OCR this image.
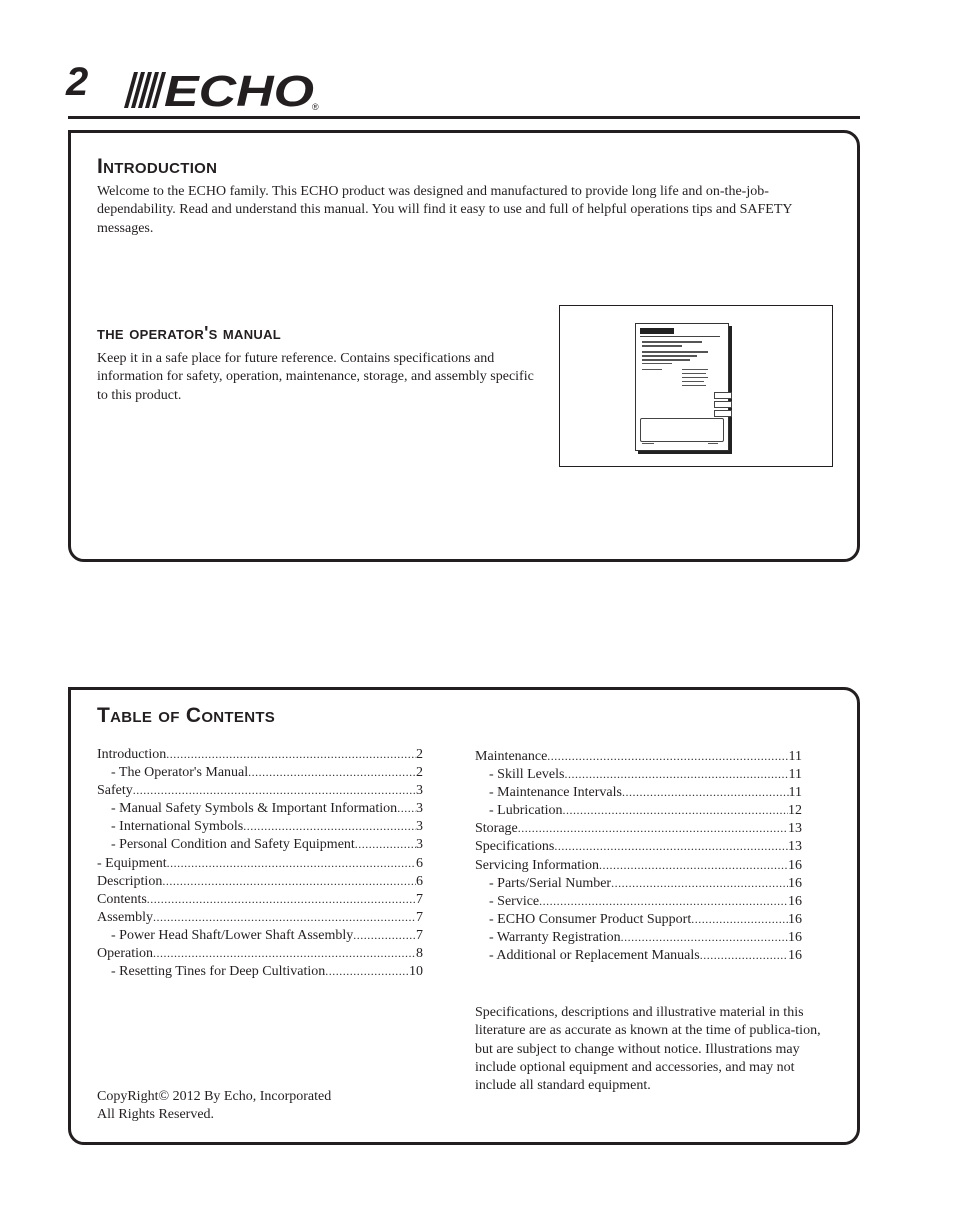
2 ECHO
®
Introduction

Welcome to the ECHO family. This ECHO product was designed and manufactured to provide long life and on-the-job-dependability. Read and understand this manual. You will find it easy to use and full of helpful operations tips and SAFETY messages.

the operator's manual

Keep it in a safe place for future reference. Contains specifications and information for safety, operation, maintenance, storage, and assembly specific to this product.

Table of Contents
Introduction .....	2
- The Operator's Manual .....	2
Safety .....	3
- Manual Safety Symbols & Important Information ..... 3
- International Symbols .....	3
- Personal Condition and Safety Equipment .....	3
- Equipment .....	6
Description .....	6
Contents .....	7
Assembly .....	7
- Power Head Shaft/Lower Shaft Assembly .....	7
Operation .....	8
- Resetting Tines for Deep Cultivation .....	10
Maintenance .....	11
- Skill Levels .....	11
- Maintenance Intervals .....	11
- Lubrication .....	12
Storage .....	13
Specifications .....	13
Servicing Information .....	16
- Parts/Serial Number .....	16
- Service .....	16
- ECHO Consumer Product Support .....	16
- Warranty Registration .....	16
- Additional or Replacement Manuals .....	16

Specifications, descriptions and illustrative material in this literature are as accurate as known at the time of publica-tion, but are subject to change without notice. Illustrations may include optional equipment and accessories, and may not include all standard equipment.

CopyRight© 2012 By Echo, Incorporated
All Rights Reserved.
